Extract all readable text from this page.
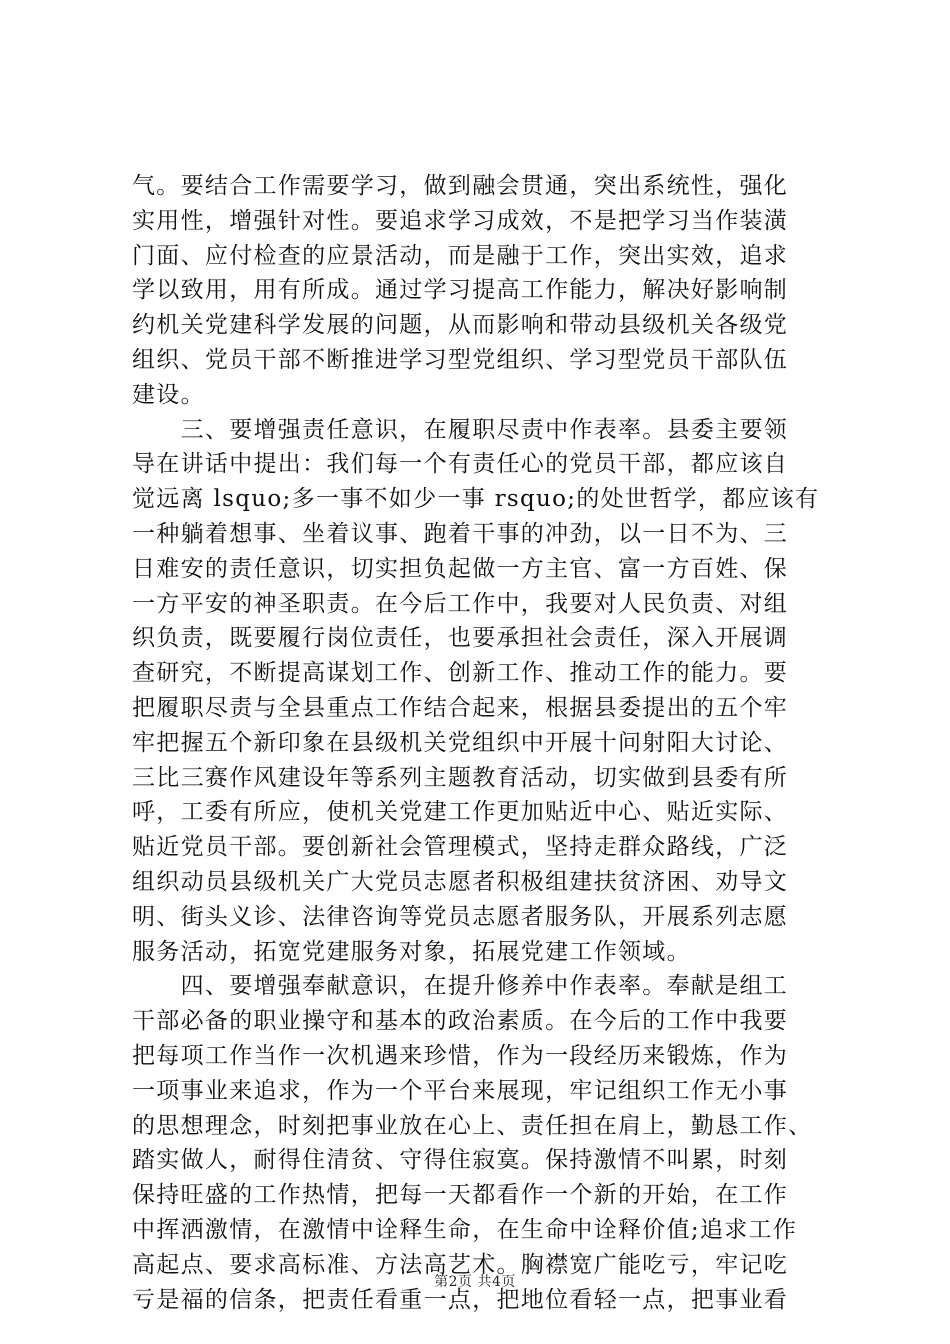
气。要结合工作需要学习，做到融会贯通，突出系统性，强化
实用性，增强针对性。要追求学习成效，不是把学习当作装潢
门面、应付检查的应景活动，而是融于工作，突出实效，追求
学以致用，用有所成。通过学习提高工作能力，解决好影响制
约机关党建科学发展的问题，从而影响和带动县级机关各级党
组织、党员干部不断推进学习型党组织、学习型党员干部队伍
建设。
　　三、要增强责任意识，在履职尽责中作表率。县委主要领
导在讲话中提出：我们每一个有责任心的党员干部，都应该自
觉远离 lsquo;多一事不如少一事 rsquo;的处世哲学，都应该有
一种躺着想事、坐着议事、跑着干事的冲劲，以一日不为、三
日难安的责任意识，切实担负起做一方主官、富一方百姓、保
一方平安的神圣职责。在今后工作中，我要对人民负责、对组
织负责，既要履行岗位责任，也要承担社会责任，深入开展调
查研究，不断提高谋划工作、创新工作、推动工作的能力。要
把履职尽责与全县重点工作结合起来，根据县委提出的五个牢
牢把握五个新印象在县级机关党组织中开展十问射阳大讨论、
三比三赛作风建设年等系列主题教育活动，切实做到县委有所
呼，工委有所应，使机关党建工作更加贴近中心、贴近实际、
贴近党员干部。要创新社会管理模式，坚持走群众路线，广泛
组织动员县级机关广大党员志愿者积极组建扶贫济困、劝导文
明、街头义诊、法律咨询等党员志愿者服务队，开展系列志愿
服务活动，拓宽党建服务对象，拓展党建工作领域。
　　四、要增强奉献意识，在提升修养中作表率。奉献是组工
干部必备的职业操守和基本的政治素质。在今后的工作中我要
把每项工作当作一次机遇来珍惜，作为一段经历来锻炼，作为
一项事业来追求，作为一个平台来展现，牢记组织工作无小事
的思想理念，时刻把事业放在心上、责任担在肩上，勤恳工作、
踏实做人，耐得住清贫、守得住寂寞。保持激情不叫累，时刻
保持旺盛的工作热情，把每一天都看作一个新的开始，在工作
中挥洒激情，在激情中诠释生命，在生命中诠释价值;追求工作
高起点、要求高标准、方法高艺术。胸襟宽广能吃亏，牢记吃
亏是福的信条，把责任看重一点，把地位看轻一点，把事业看
第2页 共4页
